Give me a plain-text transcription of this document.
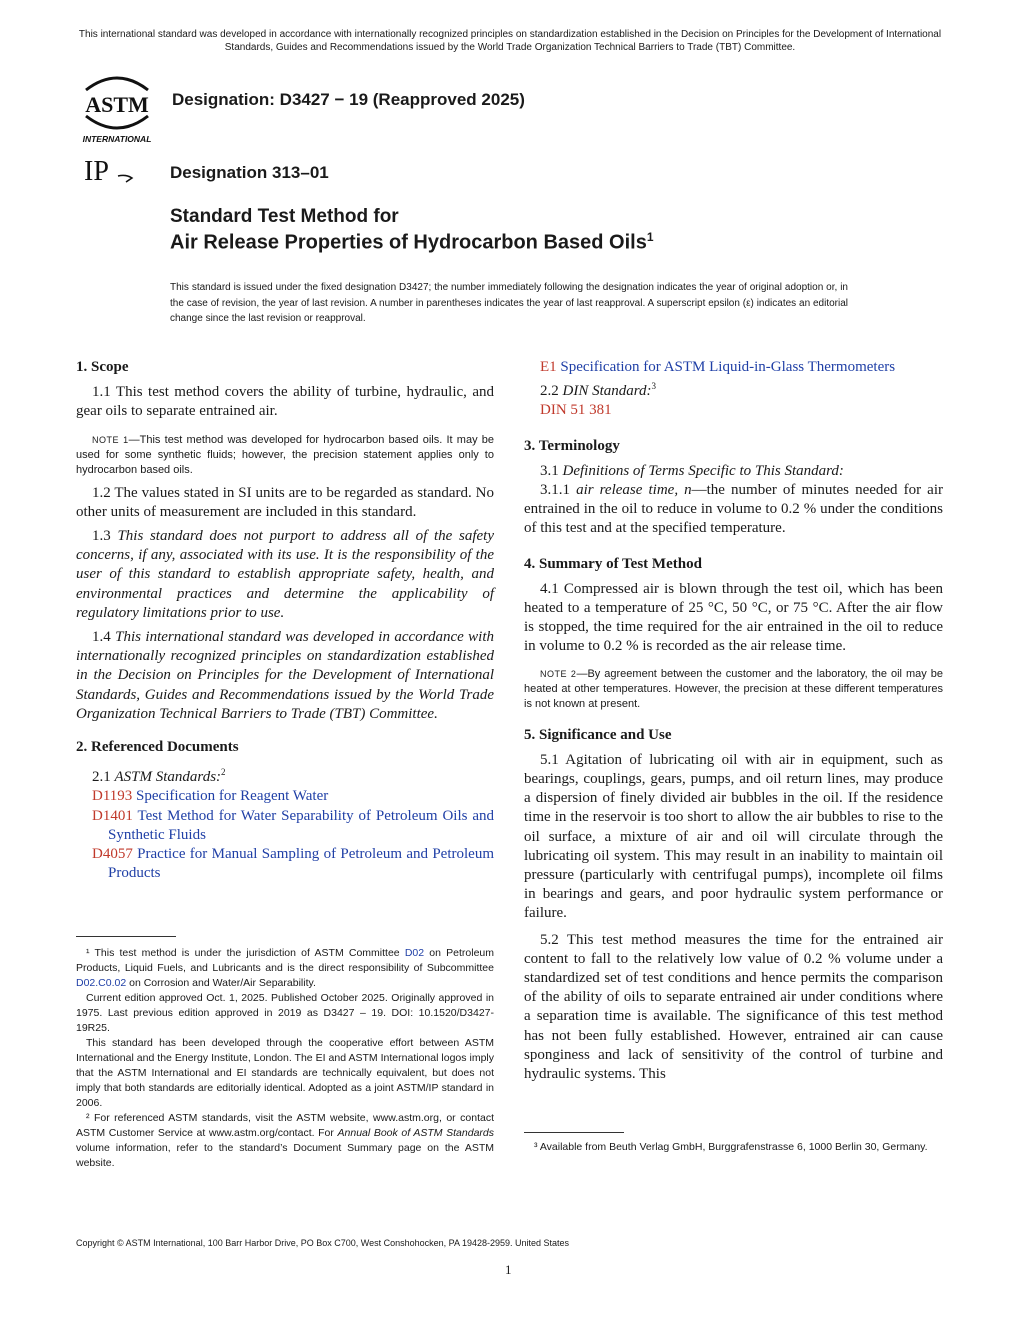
This international standard was developed in accordance with internationally recognized principles on standardization established in the Decision on Principles for the Development of International Standards, Guides and Recommendations issued by the World Trade Organization Technical Barriers to Trade (TBT) Committee.
ASTM
INTERNATIONAL
IP
Designation: D3427 − 19 (Reapproved 2025)
Designation 313–01
Standard Test Method for
Air Release Properties of Hydrocarbon Based Oils$^1$
This standard is issued under the fixed designation D3427; the number immediately following the designation indicates the year of original adoption or, in the case of revision, the year of last revision. A number in parentheses indicates the year of last reapproval. A superscript epsilon (ε) indicates an editorial change since the last revision or reapproval.

1. Scope

1.1 This test method covers the ability of turbine, hydraulic, and gear oils to separate entrained air.

NOTE 1—This test method was developed for hydrocarbon based oils. It may be used for some synthetic fluids; however, the precision statement applies only to hydrocarbon based oils.

1.2 The values stated in SI units are to be regarded as standard. No other units of measurement are included in this standard.

1.3 This standard does not purport to address all of the safety concerns, if any, associated with its use. It is the responsibility of the user of this standard to establish appropriate safety, health, and environmental practices and determine the applicability of regulatory limitations prior to use.

1.4 This international standard was developed in accordance with internationally recognized principles on standardization established in the Decision on Principles for the Development of International Standards, Guides and Recommendations issued by the World Trade Organization Technical Barriers to Trade (TBT) Committee.

2. Referenced Documents

2.1 ASTM Standards:$^2$

D1193 Specification for Reagent Water

D1401 Test Method for Water Separability of Petroleum Oils and Synthetic Fluids

D4057 Practice for Manual Sampling of Petroleum and Petroleum Products

¹ This test method is under the jurisdiction of ASTM Committee D02 on Petroleum Products, Liquid Fuels, and Lubricants and is the direct responsibility of Subcommittee D02.C0.02 on Corrosion and Water/Air Separability.

Current edition approved Oct. 1, 2025. Published October 2025. Originally approved in 1975. Last previous edition approved in 2019 as D3427 – 19. DOI: 10.1520/D3427-19R25.

This standard has been developed through the cooperative effort between ASTM International and the Energy Institute, London. The EI and ASTM International logos imply that the ASTM International and EI standards are technically equivalent, but does not imply that both standards are editorially identical. Adopted as a joint ASTM/IP standard in 2006.

² For referenced ASTM standards, visit the ASTM website, www.astm.org, or contact ASTM Customer Service at www.astm.org/contact. For Annual Book of ASTM Standards volume information, refer to the standard’s Document Summary page on the ASTM website.

E1 Specification for ASTM Liquid-in-Glass Thermometers

2.2 DIN Standard:$^3$

DIN 51 381

3. Terminology

3.1 Definitions of Terms Specific to This Standard:

3.1.1 air release time, n—the number of minutes needed for air entrained in the oil to reduce in volume to 0.2 % under the conditions of this test and at the specified temperature.

4. Summary of Test Method

4.1 Compressed air is blown through the test oil, which has been heated to a temperature of 25 °C, 50 °C, or 75 °C. After the air flow is stopped, the time required for the air entrained in the oil to reduce in volume to 0.2 % is recorded as the air release time.

NOTE 2—By agreement between the customer and the laboratory, the oil may be heated at other temperatures. However, the precision at these different temperatures is not known at present.

5. Significance and Use

5.1 Agitation of lubricating oil with air in equipment, such as bearings, couplings, gears, pumps, and oil return lines, may produce a dispersion of finely divided air bubbles in the oil. If the residence time in the reservoir is too short to allow the air bubbles to rise to the oil surface, a mixture of air and oil will circulate through the lubricating oil system. This may result in an inability to maintain oil pressure (particularly with centrifugal pumps), incomplete oil films in bearings and gears, and poor hydraulic system performance or failure.

5.2 This test method measures the time for the entrained air content to fall to the relatively low value of 0.2 % volume under a standardized set of test conditions and hence permits the comparison of the ability of oils to separate entrained air under conditions where a separation time is available. The significance of this test method has not been fully established. However, entrained air can cause sponginess and lack of sensitivity of the control of turbine and hydraulic systems. This

³ Available from Beuth Verlag GmbH, Burggrafenstrasse 6, 1000 Berlin 30, Germany.

Copyright © ASTM International, 100 Barr Harbor Drive, PO Box C700, West Conshohocken, PA 19428-2959. United States
1
